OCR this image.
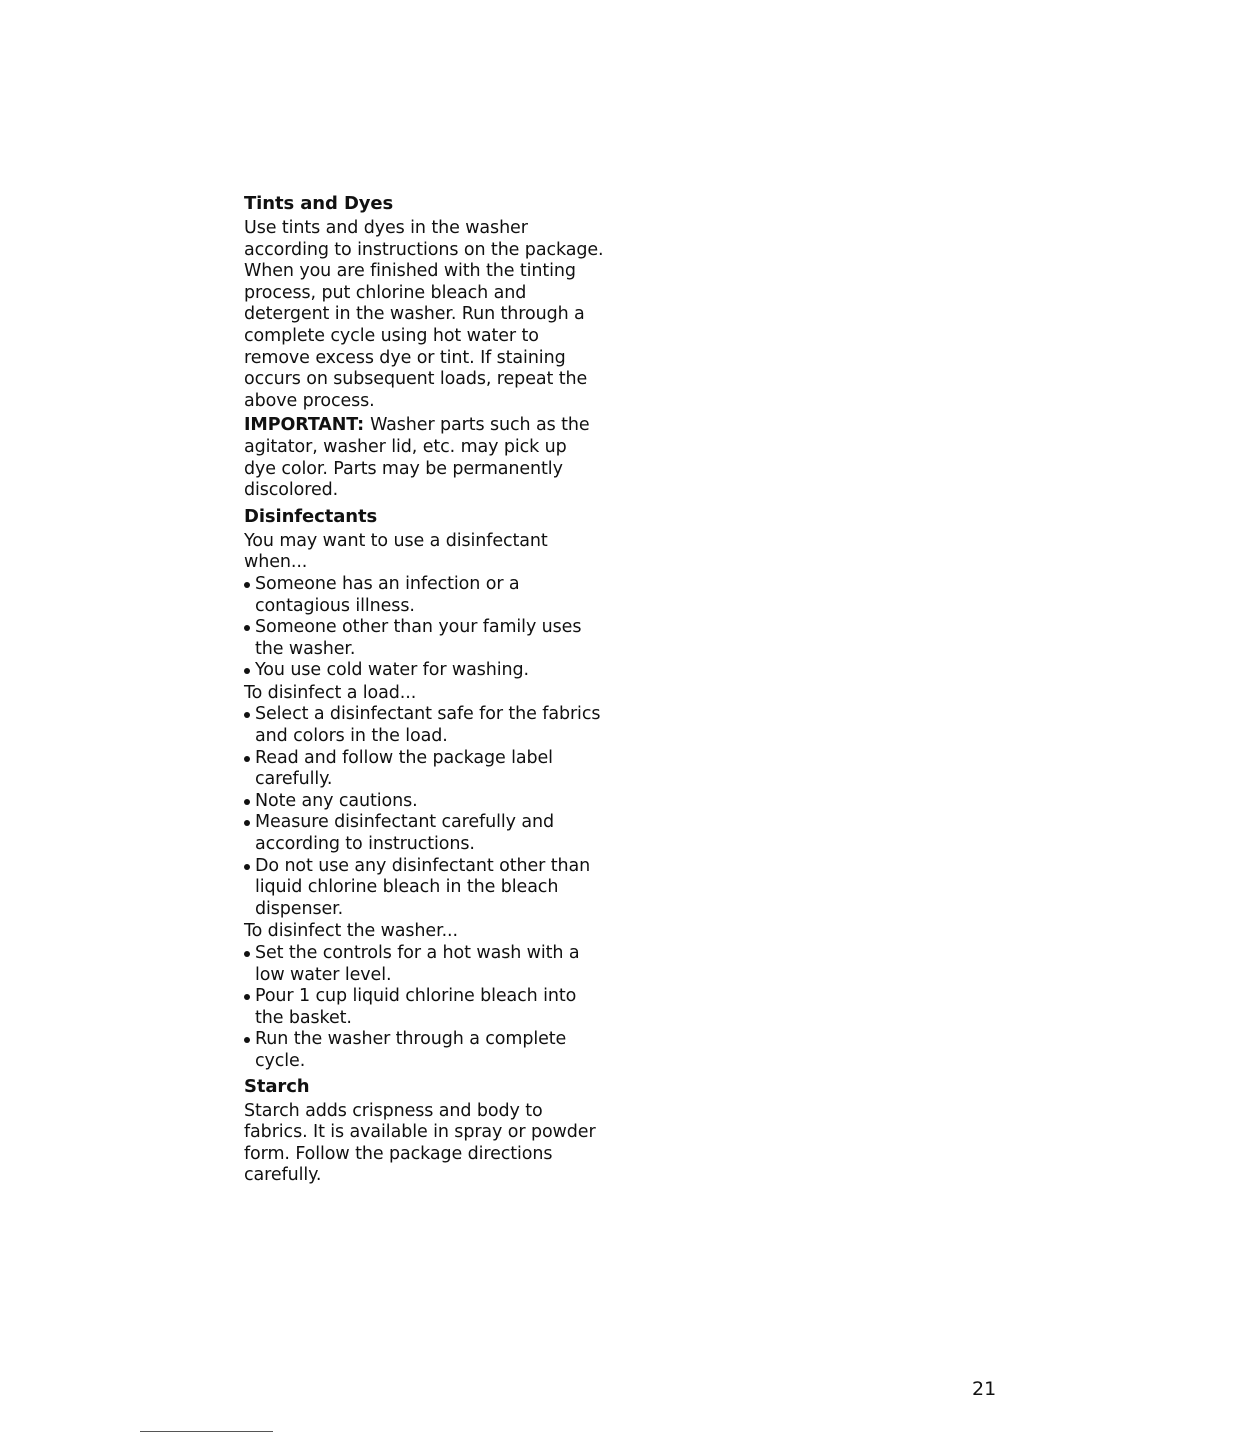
Tints and Dyes

Use tints and dyes in the washer according to instructions on the package. When you are finished with the tinting process, put chlorine bleach and detergent in the washer. Run through a complete cycle using hot water to remove excess dye or tint. If staining occurs on subsequent loads, repeat the above process.

IMPORTANT: Washer parts such as the agitator, washer lid, etc. may pick up dye color. Parts may be permanently discolored.

Disinfectants

You may want to use a disinfectant when...

Someone has an infection or a contagious illness.
Someone other than your family uses the washer.
You use cold water for washing.

To disinfect a load...

Select a disinfectant safe for the fabrics and colors in the load.
Read and follow the package label carefully.
Note any cautions.
Measure disinfectant carefully and according to instructions.
Do not use any disinfectant other than liquid chlorine bleach in the bleach dispenser.

To disinfect the washer...

Set the controls for a hot wash with a low water level.
Pour 1 cup liquid chlorine bleach into the basket.
Run the washer through a complete cycle.
Starch

Starch adds crispness and body to fabrics. It is available in spray or powder form. Follow the package directions carefully.

21
